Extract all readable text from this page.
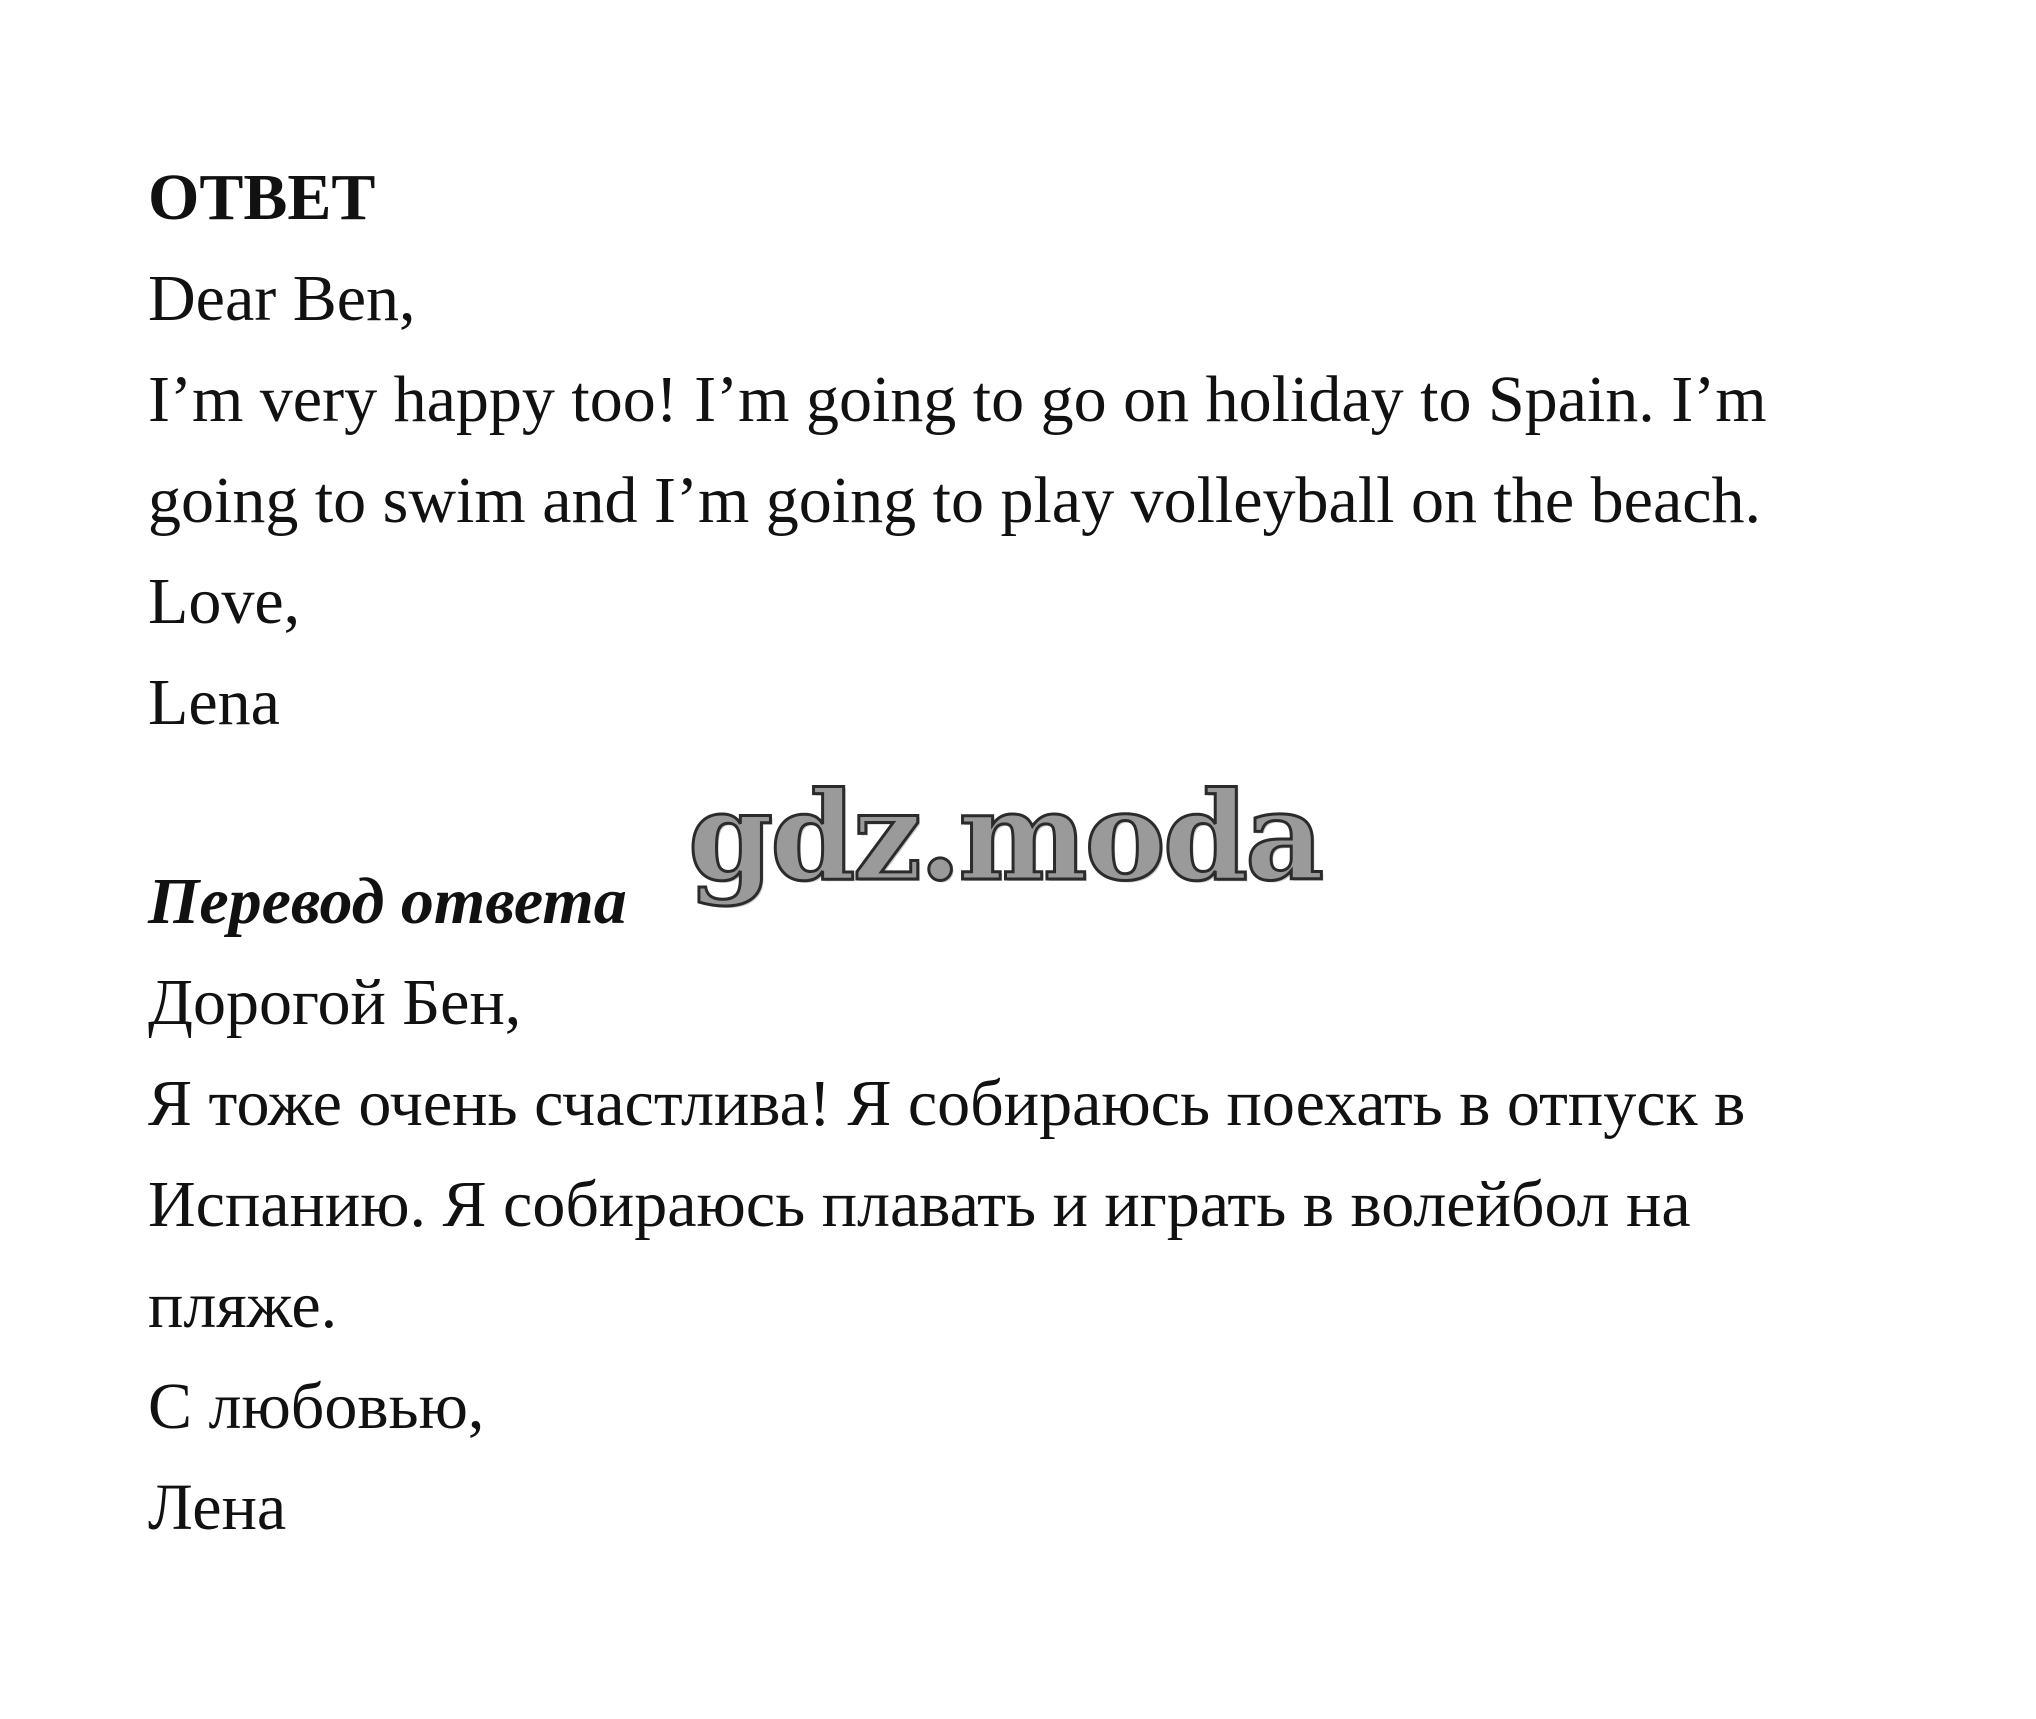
ОТВЕТ

Dear Ben,

I’m very happy too! I’m going to go on holiday to Spain. I’m

going to swim and I’m going to play volleyball on the beach.

Love,

Lena

gdz.moda

Перевод ответа

Дорогой Бен,

Я тоже очень счастлива! Я собираюсь поехать в отпуск в

Испанию. Я собираюсь плавать и играть в волейбол на

пляже.

С любовью,

Лена
